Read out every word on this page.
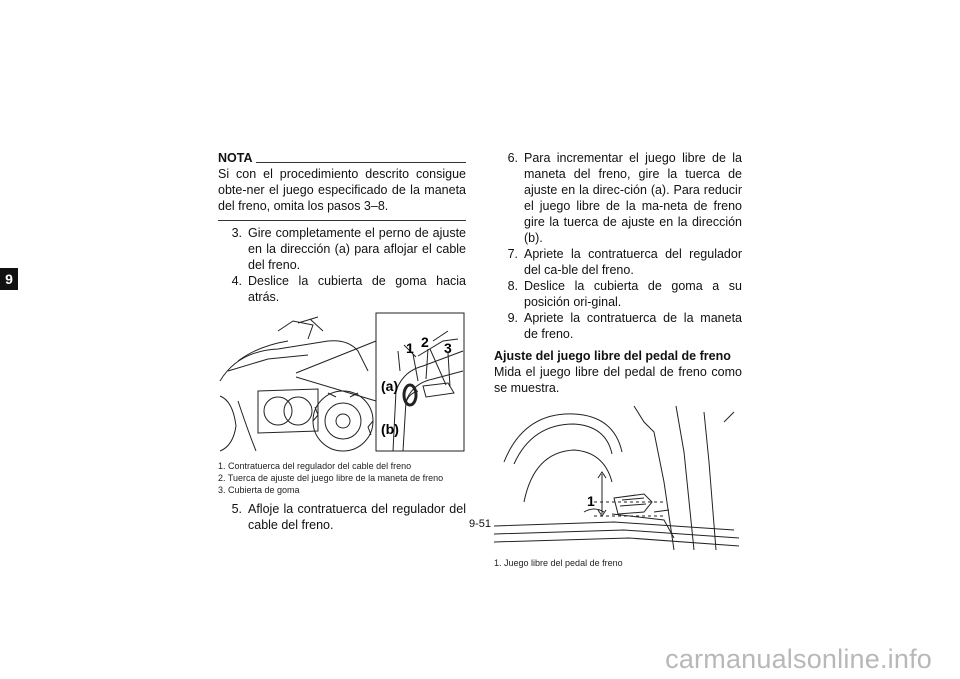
9
NOTA
Si con el procedimiento descrito consigue obte-ner el juego especificado de la maneta del freno, omita los pasos 3–8.
3. Gire completamente el perno de ajuste en la dirección (a) para aflojar el cable del freno.
4. Deslice la cubierta de goma hacia atrás.
1 2 3
(a)
(b)
1. Contratuerca del regulador del cable del freno
2. Tuerca de ajuste del juego libre de la maneta de freno
3. Cubierta de goma
5. Afloje la contratuerca del regulador del cable del freno.
6. Para incrementar el juego libre de la maneta del freno, gire la tuerca de ajuste en la direc-ción (a). Para reducir el juego libre de la ma-neta de freno gire la tuerca de ajuste en la dirección (b).
7. Apriete la contratuerca del regulador del ca-ble del freno.
8. Deslice la cubierta de goma a su posición ori-ginal.
9. Apriete la contratuerca de la maneta de freno.
Ajuste del juego libre del pedal de freno
Mida el juego libre del pedal de freno como se muestra.
1
1. Juego libre del pedal de freno
9-51
carmanualsonline.info
